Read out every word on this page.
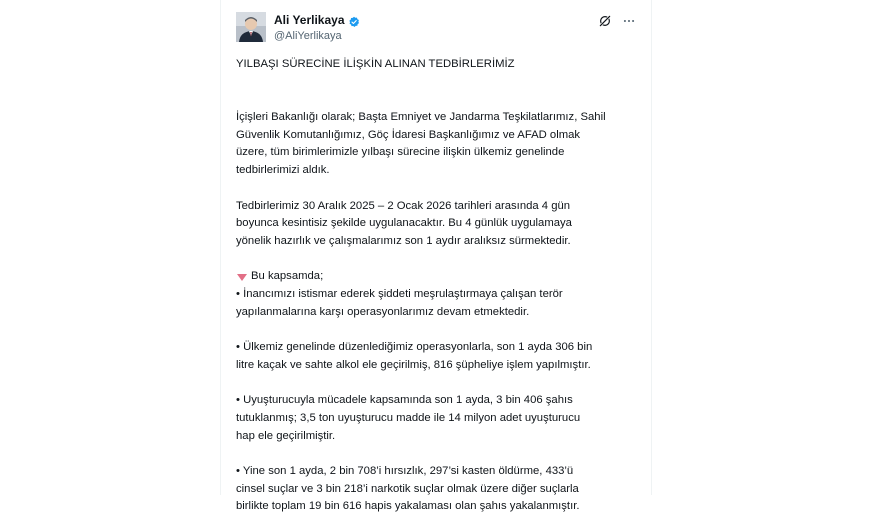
Ali Yerlikaya
@AliYerlikaya

YILBAŞI SÜRECİNE İLİŞKİN ALINAN TEDBİRLERİMİZ

İçişleri Bakanlığı olarak; Başta Emniyet ve Jandarma Teşkilatlarımız, Sahil
Güvenlik Komutanlığımız, Göç İdaresi Başkanlığımız ve AFAD olmak
üzere, tüm birimlerimizle yılbaşı sürecine ilişkin ülkemiz genelinde
tedbirlerimizi aldık.

Tedbirlerimiz 30 Aralık 2025 – 2 Ocak 2026 tarihleri arasında 4 gün
boyunca kesintisiz şekilde uygulanacaktır. Bu 4 günlük uygulamaya
yönelik hazırlık ve çalışmalarımız son 1 aydır aralıksız sürmektedir.

Bu kapsamda;

• İnancımızı istismar ederek şiddeti meşrulaştırmaya çalışan terör
yapılanmalarına karşı operasyonlarımız devam etmektedir.

• Ülkemiz genelinde düzenlediğimiz operasyonlarla, son 1 ayda 306 bin
litre kaçak ve sahte alkol ele geçirilmiş, 816 şüpheliye işlem yapılmıştır.

• Uyuşturucuyla mücadele kapsamında son 1 ayda, 3 bin 406 şahıs
tutuklanmış; 3,5 ton uyuşturucu madde ile 14 milyon adet uyuşturucu
hap ele geçirilmiştir.

• Yine son 1 ayda, 2 bin 708’i hırsızlık, 297’si kasten öldürme, 433’ü
cinsel suçlar ve 3 bin 218’i narkotik suçlar olmak üzere diğer suçlarla
birlikte toplam 19 bin 616 hapis yakalaması olan şahıs yakalanmıştır.
